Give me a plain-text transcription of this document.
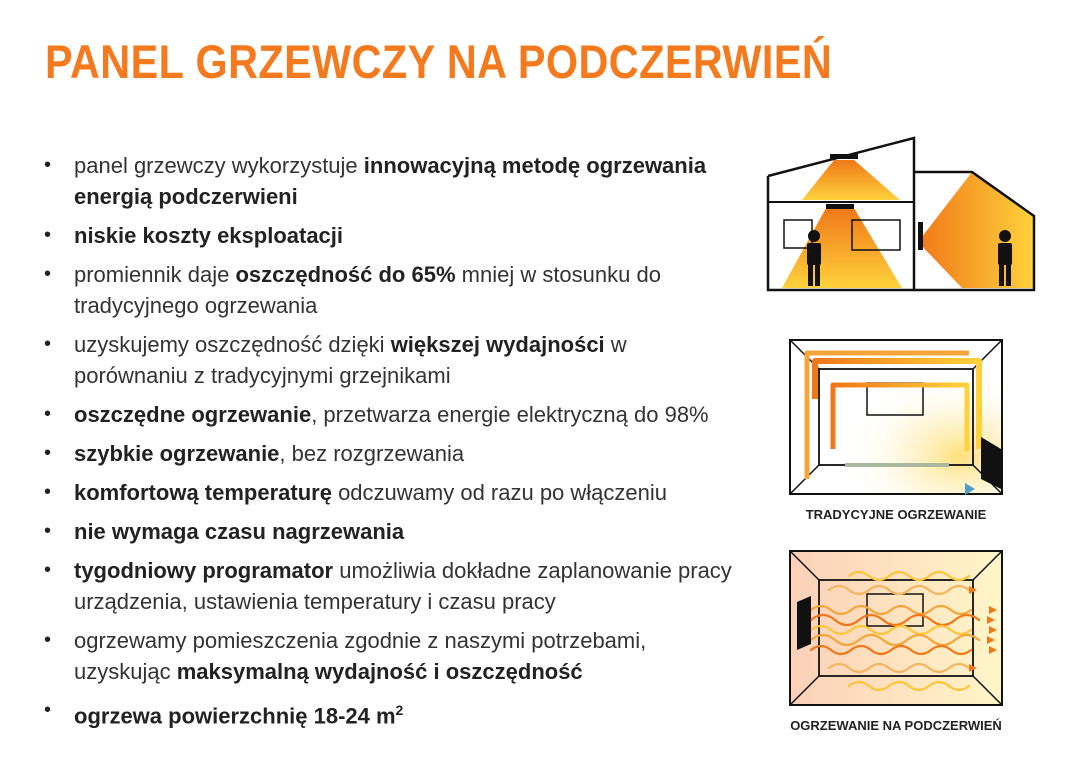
PANEL GRZEWCZY NA PODCZERWIEŃ
• panel grzewczy wykorzystuje innowacyjną metodę ogrzewania energią podczerwieni
• niskie koszty eksploatacji
• promiennik daje oszczędność do 65% mniej w stosunku do tradycyjnego ogrzewania
• uzyskujemy oszczędność dzięki większej wydajności w porównaniu z tradycyjnymi grzejnikami
• oszczędne ogrzewanie, przetwarza energie elektryczną do 98%
• szybkie ogrzewanie, bez rozgrzewania
• komfortową temperaturę odczuwamy od razu po włączeniu
• nie wymaga czasu nagrzewania
• tygodniowy programator umożliwia dokładne zaplanowanie pracy urządzenia, ustawienia temperatury i czasu pracy
• ogrzewamy pomieszczenia zgodnie z naszymi potrzebami, uzyskując maksymalną wydajność i oszczędność
• ogrzewa powierzchnię 18-24 $m^2$
TRADYCYJNE OGRZEWANIE
OGRZEWANIE NA PODCZERWIEŃ
